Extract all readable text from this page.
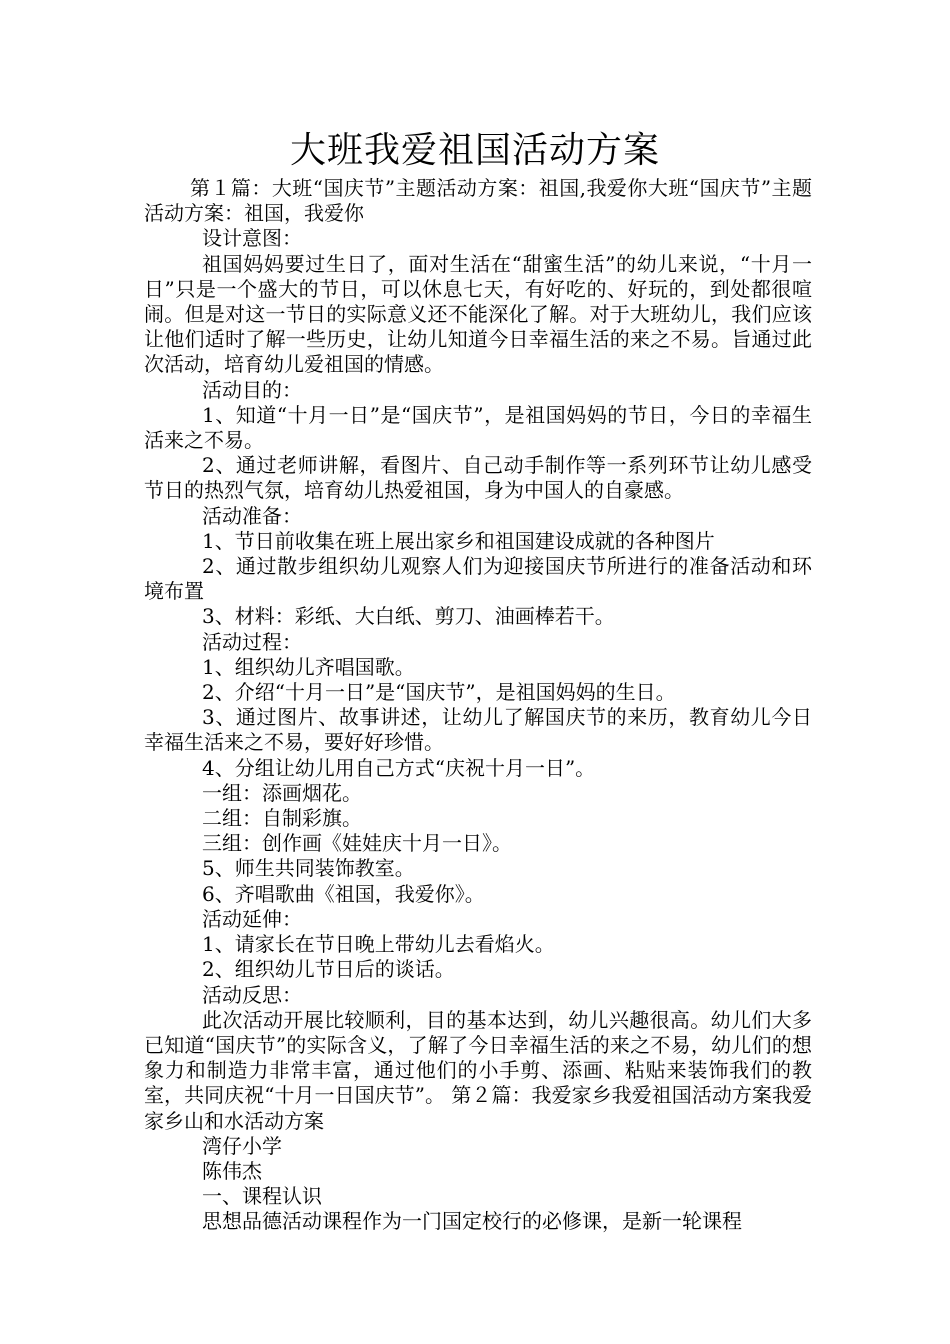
大班我爱祖国活动方案

第１篇：大班“国庆节”主题活动方案：祖国,我爱你大班“国庆节”主题活动方案：祖国，我爱你

设计意图：

祖国妈妈要过生日了，面对生活在“甜蜜生活”的幼儿来说，“十月一日”只是一个盛大的节日，可以休息七天，有好吃的、好玩的，到处都很喧闹。但是对这一节日的实际意义还不能深化了解。对于大班幼儿，我们应该让他们适时了解一些历史，让幼儿知道今日幸福生活的来之不易。旨通过此次活动，培育幼儿爱祖国的情感。

活动目的：

1、知道“十月一日”是“国庆节”，是祖国妈妈的节日，今日的幸福生活来之不易。

2、通过老师讲解，看图片、自己动手制作等一系列环节让幼儿感受节日的热烈气氛，培育幼儿热爱祖国，身为中国人的自豪感。

活动准备：

1、节日前收集在班上展出家乡和祖国建设成就的各种图片

2、通过散步组织幼儿观察人们为迎接国庆节所进行的准备活动和环境布置

3、材料：彩纸、大白纸、剪刀、油画棒若干。

活动过程：

1、组织幼儿齐唱国歌。

2、介绍“十月一日”是“国庆节”，是祖国妈妈的生日。

3、通过图片、故事讲述，让幼儿了解国庆节的来历，教育幼儿今日幸福生活来之不易，要好好珍惜。

4、分组让幼儿用自己方式“庆祝十月一日”。

一组：添画烟花。

二组：自制彩旗。

三组：创作画《娃娃庆十月一日》。

5、师生共同装饰教室。

6、齐唱歌曲《祖国，我爱你》。

活动延伸：

1、请家长在节日晚上带幼儿去看焰火。

2、组织幼儿节日后的谈话。

活动反思：

此次活动开展比较顺利，目的基本达到，幼儿兴趣很高。幼儿们大多已知道“国庆节”的实际含义，了解了今日幸福生活的来之不易，幼儿们的想象力和制造力非常丰富，通过他们的小手剪、添画、粘贴来装饰我们的教室，共同庆祝“十月一日国庆节”。 第２篇：我爱家乡我爱祖国活动方案我爱家乡山和水活动方案

湾仔小学

陈伟杰

一、课程认识

思想品德活动课程作为一门国定校行的必修课，是新一轮课程
